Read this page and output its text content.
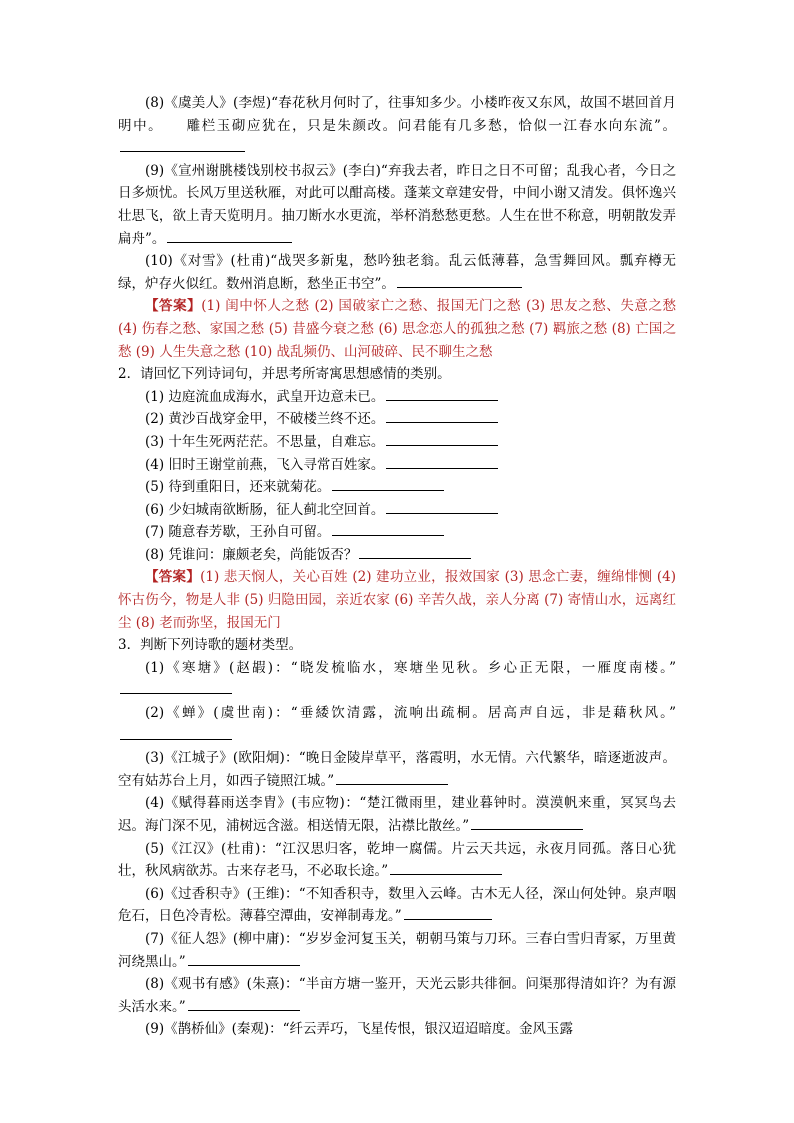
(8)《虞美人》(李煜)“春花秋月何时了，往事知多少。小楼昨夜又东风，故国不堪回首月明中。　　雕栏玉砌应犹在，只是朱颜改。问君能有几多愁，恰似一江春水向东流”。

(9)《宣州谢朓楼饯别校书叔云》(李白)“弃我去者，昨日之日不可留；乱我心者，今日之日多烦忧。长风万里送秋雁，对此可以酣高楼。蓬莱文章建安骨，中间小谢又清发。俱怀逸兴壮思飞，欲上青天览明月。抽刀断水水更流，举杯消愁愁更愁。人生在世不称意，明朝散发弄扁舟”。

(10)《对雪》(杜甫)“战哭多新鬼，愁吟独老翁。乱云低薄暮，急雪舞回风。瓢弃樽无绿，炉存火似红。数州消息断，愁坐正书空”。

【答案】(1) 闺中怀人之愁 (2) 国破家亡之愁、报国无门之愁 (3) 思友之愁、失意之愁 (4) 伤春之愁、家国之愁 (5) 昔盛今衰之愁 (6) 思念恋人的孤独之愁 (7) 羁旅之愁 (8) 亡国之愁 (9) 人生失意之愁 (10) 战乱频仍、山河破碎、民不聊生之愁

2．请回忆下列诗词句，并思考所寄寓思想感情的类别。

(1) 边庭流血成海水，武皇开边意未已。

(2) 黄沙百战穿金甲，不破楼兰终不还。

(3) 十年生死两茫茫。不思量，自难忘。

(4) 旧时王谢堂前燕，飞入寻常百姓家。

(5) 待到重阳日，还来就菊花。

(6) 少妇城南欲断肠，征人蓟北空回首。

(7) 随意春芳歇，王孙自可留。

(8) 凭谁问：廉颇老矣，尚能饭否？

【答案】(1) 悲天悯人，关心百姓 (2) 建功立业，报效国家 (3) 思念亡妻，缠绵悱恻 (4) 怀古伤今，物是人非 (5) 归隐田园，亲近农家 (6) 辛苦久战，亲人分离 (7) 寄情山水，远离红尘 (8) 老而弥坚，报国无门

3．判断下列诗歌的题材类型。

(1)《寒塘》(赵嘏)：“晓发梳临水，寒塘坐见秋。乡心正无限，一雁度南楼。”

(2)《蝉》(虞世南)：“垂緌饮清露，流响出疏桐。居高声自远，非是藉秋风。”

(3)《江城子》(欧阳炯)：“晚日金陵岸草平，落霞明，水无情。六代繁华，暗逐逝波声。空有姑苏台上月，如西子镜照江城。”

(4)《赋得暮雨送李胄》(韦应物)：“楚江微雨里，建业暮钟时。漠漠帆来重，冥冥鸟去迟。海门深不见，浦树远含滋。相送情无限，沾襟比散丝。”

(5)《江汉》(杜甫)：“江汉思归客，乾坤一腐儒。片云天共远，永夜月同孤。落日心犹壮，秋风病欲苏。古来存老马，不必取长途。”

(6)《过香积寺》(王维)：“不知香积寺，数里入云峰。古木无人径，深山何处钟。泉声咽危石，日色冷青松。薄暮空潭曲，安禅制毒龙。”

(7)《征人怨》(柳中庸)：“岁岁金河复玉关，朝朝马策与刀环。三春白雪归青冢，万里黄河绕黑山。”

(8)《观书有感》(朱熹)：“半亩方塘一鉴开，天光云影共徘徊。问渠那得清如许？为有源头活水来。”

(9)《鹊桥仙》(秦观)：“纤云弄巧，飞星传恨，银汉迢迢暗度。金风玉露
